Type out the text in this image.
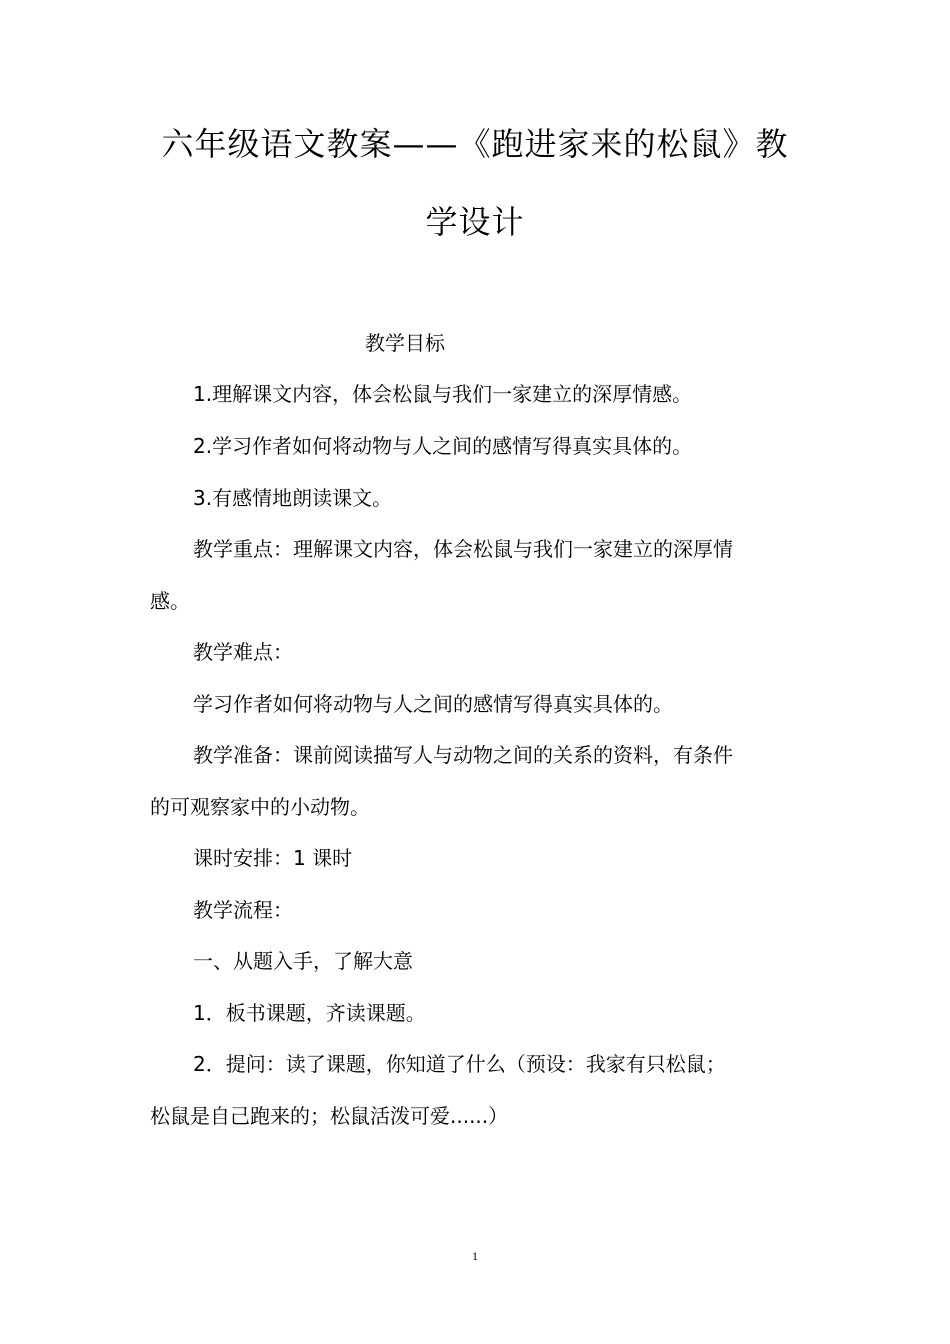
六年级语文教案——《跑进家来的松鼠》教
学设计
教学目标
1.理解课文内容，体会松鼠与我们一家建立的深厚情感。
2.学习作者如何将动物与人之间的感情写得真实具体的。
3.有感情地朗读课文。
教学重点：理解课文内容，体会松鼠与我们一家建立的深厚情
感。
教学难点：
学习作者如何将动物与人之间的感情写得真实具体的。
教学准备：课前阅读描写人与动物之间的关系的资料，有条件
的可观察家中的小动物。
课时安排：1 课时
教学流程：
一、从题入手，了解大意
1．板书课题，齐读课题。
2．提问：读了课题，你知道了什么（预设：我家有只松鼠；
松鼠是自己跑来的；松鼠活泼可爱......）
1
